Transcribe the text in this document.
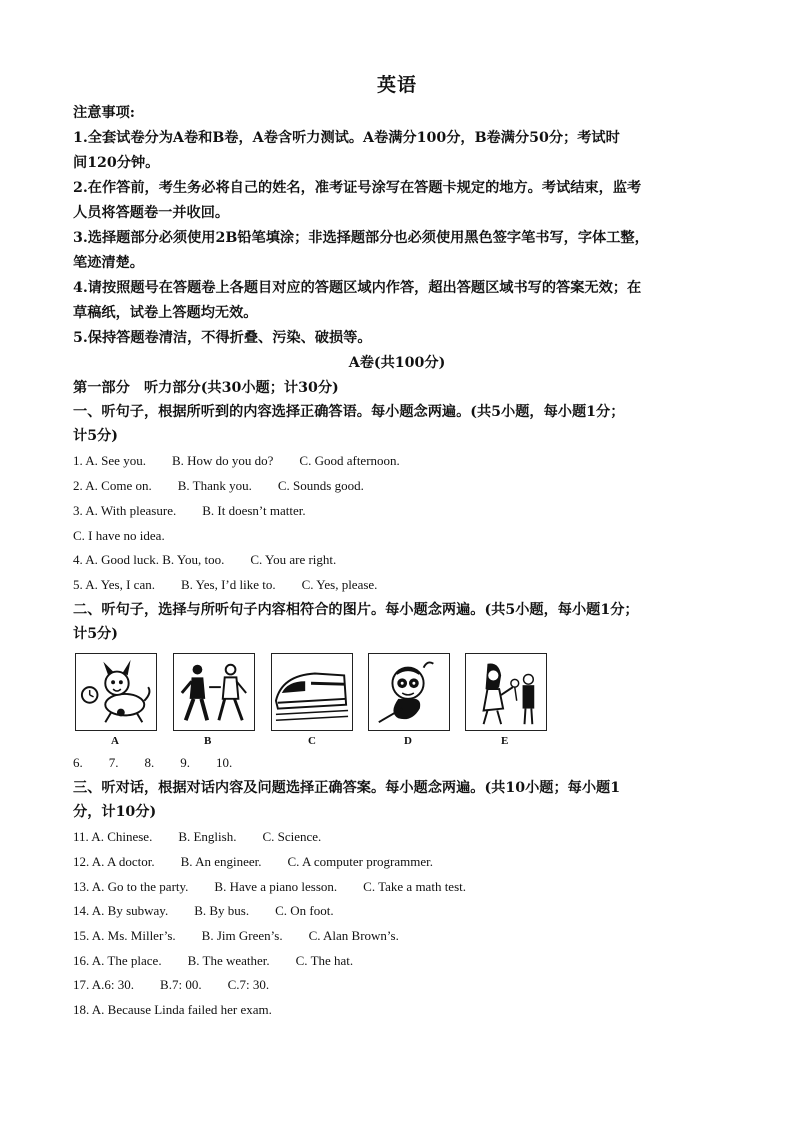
英语
注意事项:
1.全套试卷分为A卷和B卷，A卷含听力测试。A卷满分100分，B卷满分50分；考试时
间120分钟。
2.在作答前，考生务必将自己的姓名，准考证号涂写在答题卡规定的地方。考试结束，监考
人员将答题卷一并收回。
3.选择题部分必须使用2B铅笔填涂；非选择题部分也必须使用黑色签字笔书写，字体工整，
笔迹清楚。
4.请按照题号在答题卷上各题目对应的答题区域内作答，超出答题区域书写的答案无效；在
草稿纸，试卷上答题均无效。
5.保持答题卷清洁，不得折叠、污染、破损等。
A卷(共100分)
第一部分　听力部分(共30小题；计30分)
一、听句子，根据所听到的内容选择正确答语。每小题念两遍。(共5小题，每小题1分；
计5分)
1. A. See you.        B. How do you do?        C. Good afternoon.
2. A. Come on.        B. Thank you.        C. Sounds good.
3. A. With pleasure.        B. It doesn’t matter.
C. I have no idea.
4. A. Good luck. B. You, too.        C. You are right.
5. A. Yes, I can.        B. Yes, I’d like to.        C. Yes, please.
二、听句子，选择与所听句子内容相符合的图片。每小题念两遍。(共5小题，每小题1分；
计5分)
A	B	C	D	E
6.        7.        8.        9.        10.
三、听对话，根据对话内容及问题选择正确答案。每小题念两遍。(共10小题；每小题1
分，计10分)
11. A. Chinese.        B. English.        C. Science.
12. A. A doctor.        B. An engineer.        C. A computer programmer.
13. A. Go to the party.        B. Have a piano lesson.        C. Take a math test.
14. A. By subway.        B. By bus.        C. On foot.
15. A. Ms. Miller’s.        B. Jim Green’s.        C. Alan Brown’s.
16. A. The place.        B. The weather.        C. The hat.
17. A.6: 30.        B.7: 00.        C.7: 30.
18. A. Because Linda failed her exam.
